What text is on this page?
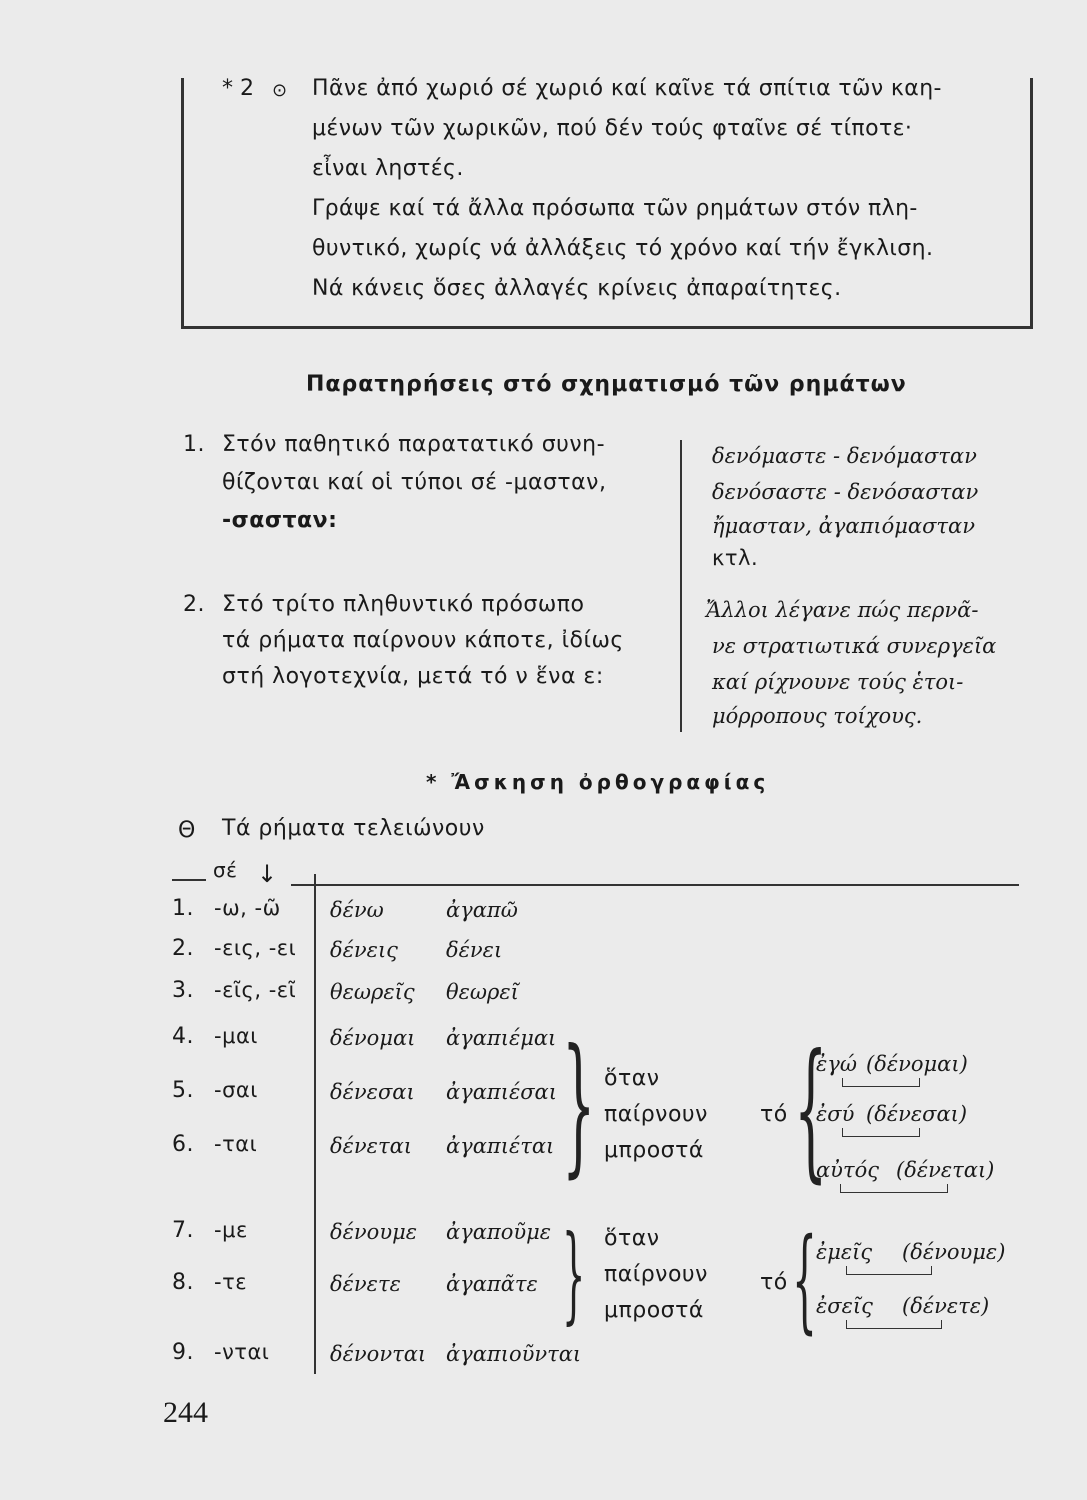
* 2 ⊙ Πᾶνε ἀπό χωριό σέ χωριό καί καῖνε τά σπίτια τῶν καη-
μένων τῶν χωρικῶν, πού δέν τούς φταῖνε σέ τίποτε·
εἶναι ληστές.
Γράψε καί τά ἄλλα πρόσωπα τῶν ρημάτων στόν πλη-
θυντικό, χωρίς νά ἀλλάξεις τό χρόνο καί τήν ἔγκλιση.
Νά κάνεις ὅσες ἀλλαγές κρίνεις ἀπαραίτητες.
Παρατηρήσεις στό σχηματισμό τῶν ρημάτων
1. Στόν παθητικό παρατατικό συνη-
θίζονται καί οἱ τύποι σέ -μασταν,
-σασταν:
δενόμαστε - δενόμασταν
δενόσαστε - δενόσασταν
ἤμασταν, ἀγαπιόμασταν
κτλ.
2. Στό τρίτο πληθυντικό πρόσωπο
τά ρήματα παίρνουν κάποτε, ἰδίως
στή λογοτεχνία, μετά τό ν ἕνα ε:
Ἄλλοι λέγανε πώς περνᾶ-
νε στρατιωτικά συνεργεῖα
καί ρίχνουνε τούς ἑτοι-
μόρροπους τοίχους.
* Ἄσκηση ὀρθογραφίας
Θ Τά ρήματα τελειώνουν
σέ ↓
1. -ω, -ῶ δένω	ἀγαπῶ
2. -εις, -ει δένεις δένει
3. -εῖς, -εῖ θεωρεῖς θεωρεῖ
4. -μαι	δένομαι ἀγαπιέμαι
5. -σαι	δένεσαι ἀγαπιέσαι
6. -ται	δένεται ἀγαπιέται
7. -με	δένουμε ἀγαποῦμε
8. -τε	δένετε ἀγαπᾶτε
9. -νται	δένονται ἀγαπιοῦνται
}
}
ὅταν
παίρνουν
μπροστά
τό {
ἐγώ (δένομαι)
ἐσύ (δένεσαι)
αὐτός (δένεται)
ὅταν
παίρνουν
μπροστά
τό { ἐμεῖς (δένουμε)
ἐσεῖς (δένετε)
244
